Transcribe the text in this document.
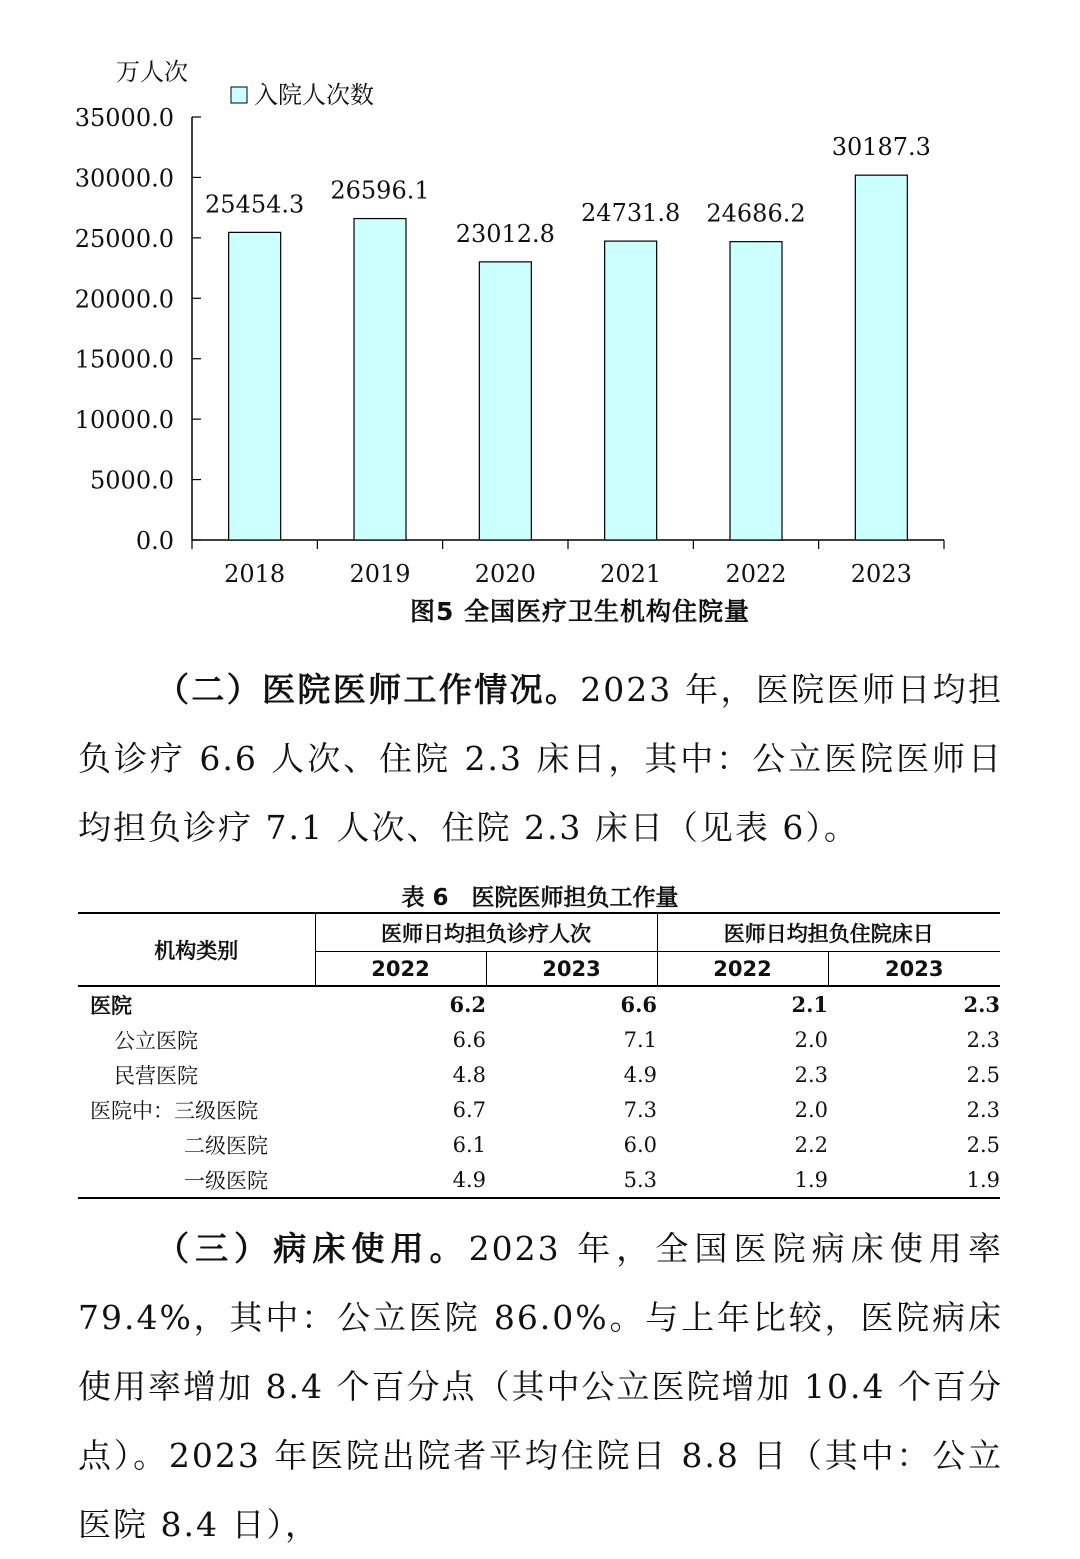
万人次
入院人次数
0.0
5000.0
10000.0
15000.0
20000.0
25000.0
30000.0
35000.0
2018	2019	2020	2021	2022	2023
25454.3 26596.1
23012.8
24731.8 24686.2
30187.3
图5 全国医疗卫生机构住院量

（二）医院医师工作情况。2023 年，医院医师日均担负诊疗 6.6 人次、住院 2.3 床日，其中：公立医院医师日均担负诊疗 7.1 人次、住院 2.3 床日（见表 6）。

表 6　医院医师担负工作量
机构类别	医师日均担负诊疗人次		医师日均担负住院床日	
	2022	2023	2022	2023
医院	6.2	6.6	2.1	2.3
公立医院	6.6	7.1	2.0	2.3
民营医院	4.8	4.9	2.3	2.5
医院中：三级医院	6.7	7.3	2.0	2.3
二级医院	6.1	6.0	2.2	2.5
一级医院	4.9	5.3	1.9	1.9

（三）病床使用。2023 年，全国医院病床使用率 79.4%，其中：公立医院 86.0%。与上年比较，医院病床使用率增加 8.4 个百分点（其中公立医院增加 10.4 个百分点）。2023 年医院出院者平均住院日 8.8 日（其中：公立医院 8.4 日），
